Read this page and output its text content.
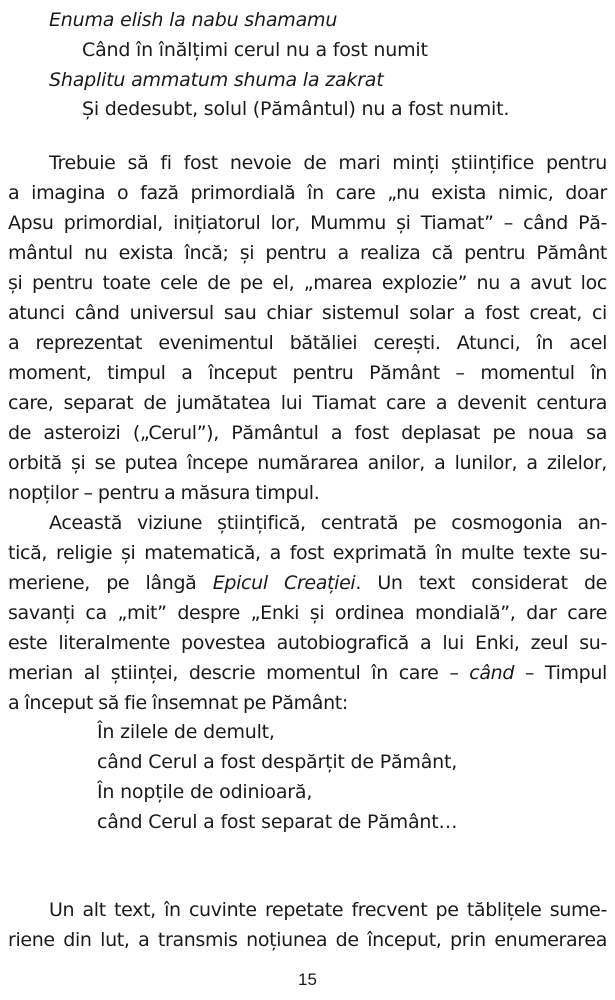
Enuma elish la nabu shamamu
Când în înălțimi cerul nu a fost numit
Shaplitu ammatum shuma la zakrat
Și dedesubt, solul (Pământul) nu a fost numit.
Trebuie să fi fost nevoie de mari minți științifice pentru
a imagina o fază primordială în care „nu exista nimic, doar
Apsu primordial, inițiatorul lor, Mummu și Tiamat” – când Pă-
mântul nu exista încă; și pentru a realiza că pentru Pământ
și pentru toate cele de pe el, „marea explozie” nu a avut loc
atunci când universul sau chiar sistemul solar a fost creat, ci
a reprezentat evenimentul bătăliei cerești. Atunci, în acel
moment, timpul a început pentru Pământ – momentul în
care, separat de jumătatea lui Tiamat care a devenit centura
de asteroizi („Cerul”), Pământul a fost deplasat pe noua sa
orbită și se putea începe numărarea anilor, a lunilor, a zilelor,
nopților – pentru a măsura timpul.
Această viziune științifică, centrată pe cosmogonia an-
tică, religie și matematică, a fost exprimată în multe texte su-
meriene, pe lângă Epicul Creației. Un text considerat de
savanți ca „mit” despre „Enki și ordinea mondială”, dar care
este literalmente povestea autobiografică a lui Enki, zeul su-
merian al științei, descrie momentul în care – când – Timpul
a început să fie însemnat pe Pământ:
În zilele de demult,
când Cerul a fost despărțit de Pământ,
În nopțile de odinioară,
când Cerul a fost separat de Pământ…
Un alt text, în cuvinte repetate frecvent pe tăblițele sume-
riene din lut, a transmis noțiunea de început, prin enumerarea
15
